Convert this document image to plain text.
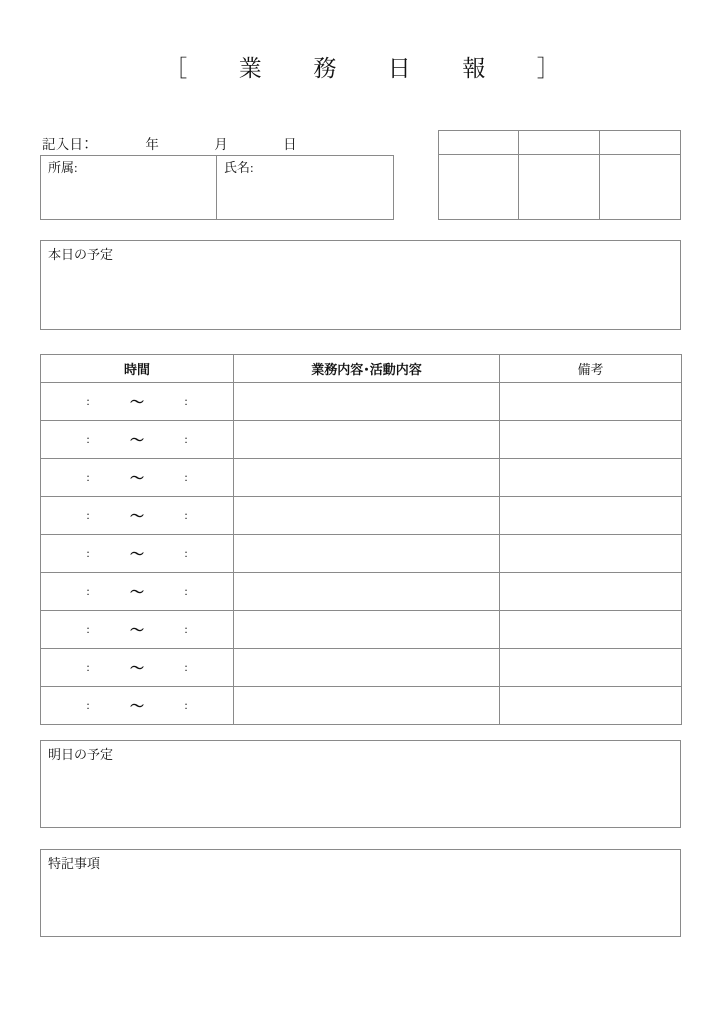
［　業　務　日　報　］
記入日：　　　　年　　　　月　　　　日
所属:	氏名:
本日の予定
時間	業務内容･活動内容	備考

: 〜 :		

: 〜 :		

: 〜 :		

: 〜 :		

: 〜 :		

: 〜 :		

: 〜 :		

: 〜 :		

: 〜 :		

明日の予定
特記事項
